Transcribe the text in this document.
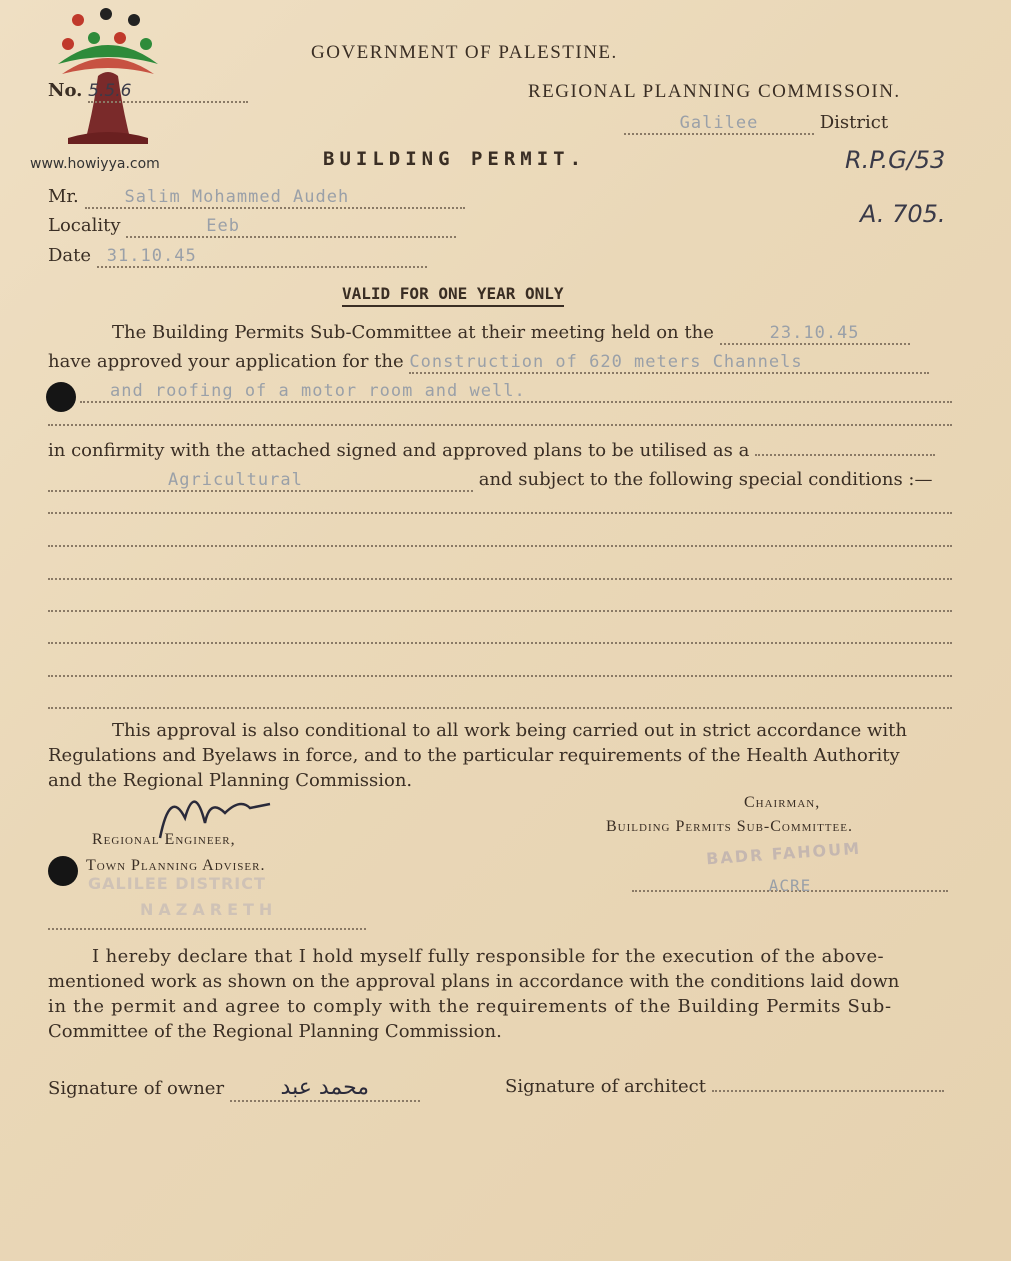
www.howiyya.com
GOVERNMENT OF PALESTINE.
No. 5.5.6	REGIONAL PLANNING COMMISSOIN.
Galilee	District
R.P.G/53
A. 705.
BUILDING PERMIT.
Mr.	Salim Mohammed Audeh
Locality	Eeb
Date 31.10.45
VALID FOR ONE YEAR ONLY
The Building Permits Sub-Committee at their meeting held on the	23.10.45
have approved your application for the Construction of 620 meters Channels
and roofing of a motor room and well.
in confirmity with the attached signed and approved plans to be utilised as a
Agricultural	and subject to the following special conditions :—
This approval is also conditional to all work being carried out in strict accordance with
Regulations and Byelaws in force, and to the particular requirements of the Health Authority
and the Regional Planning Commission.
Chairman,
Building Permits Sub-Committee.
Regional Engineer,
Town Planning Adviser.	BADR FAHOUM
ACRE
GALILEE DISTRICT
NAZARETH
I hereby declare that I hold myself fully responsible for the execution of the above-
mentioned work as shown on the approval plans in accordance with the conditions laid down
in the permit and agree to comply with the requirements of the Building Permits Sub-
Committee of the Regional Planning Commission.
Signature of owner	محمد عبد	Signature of architect
